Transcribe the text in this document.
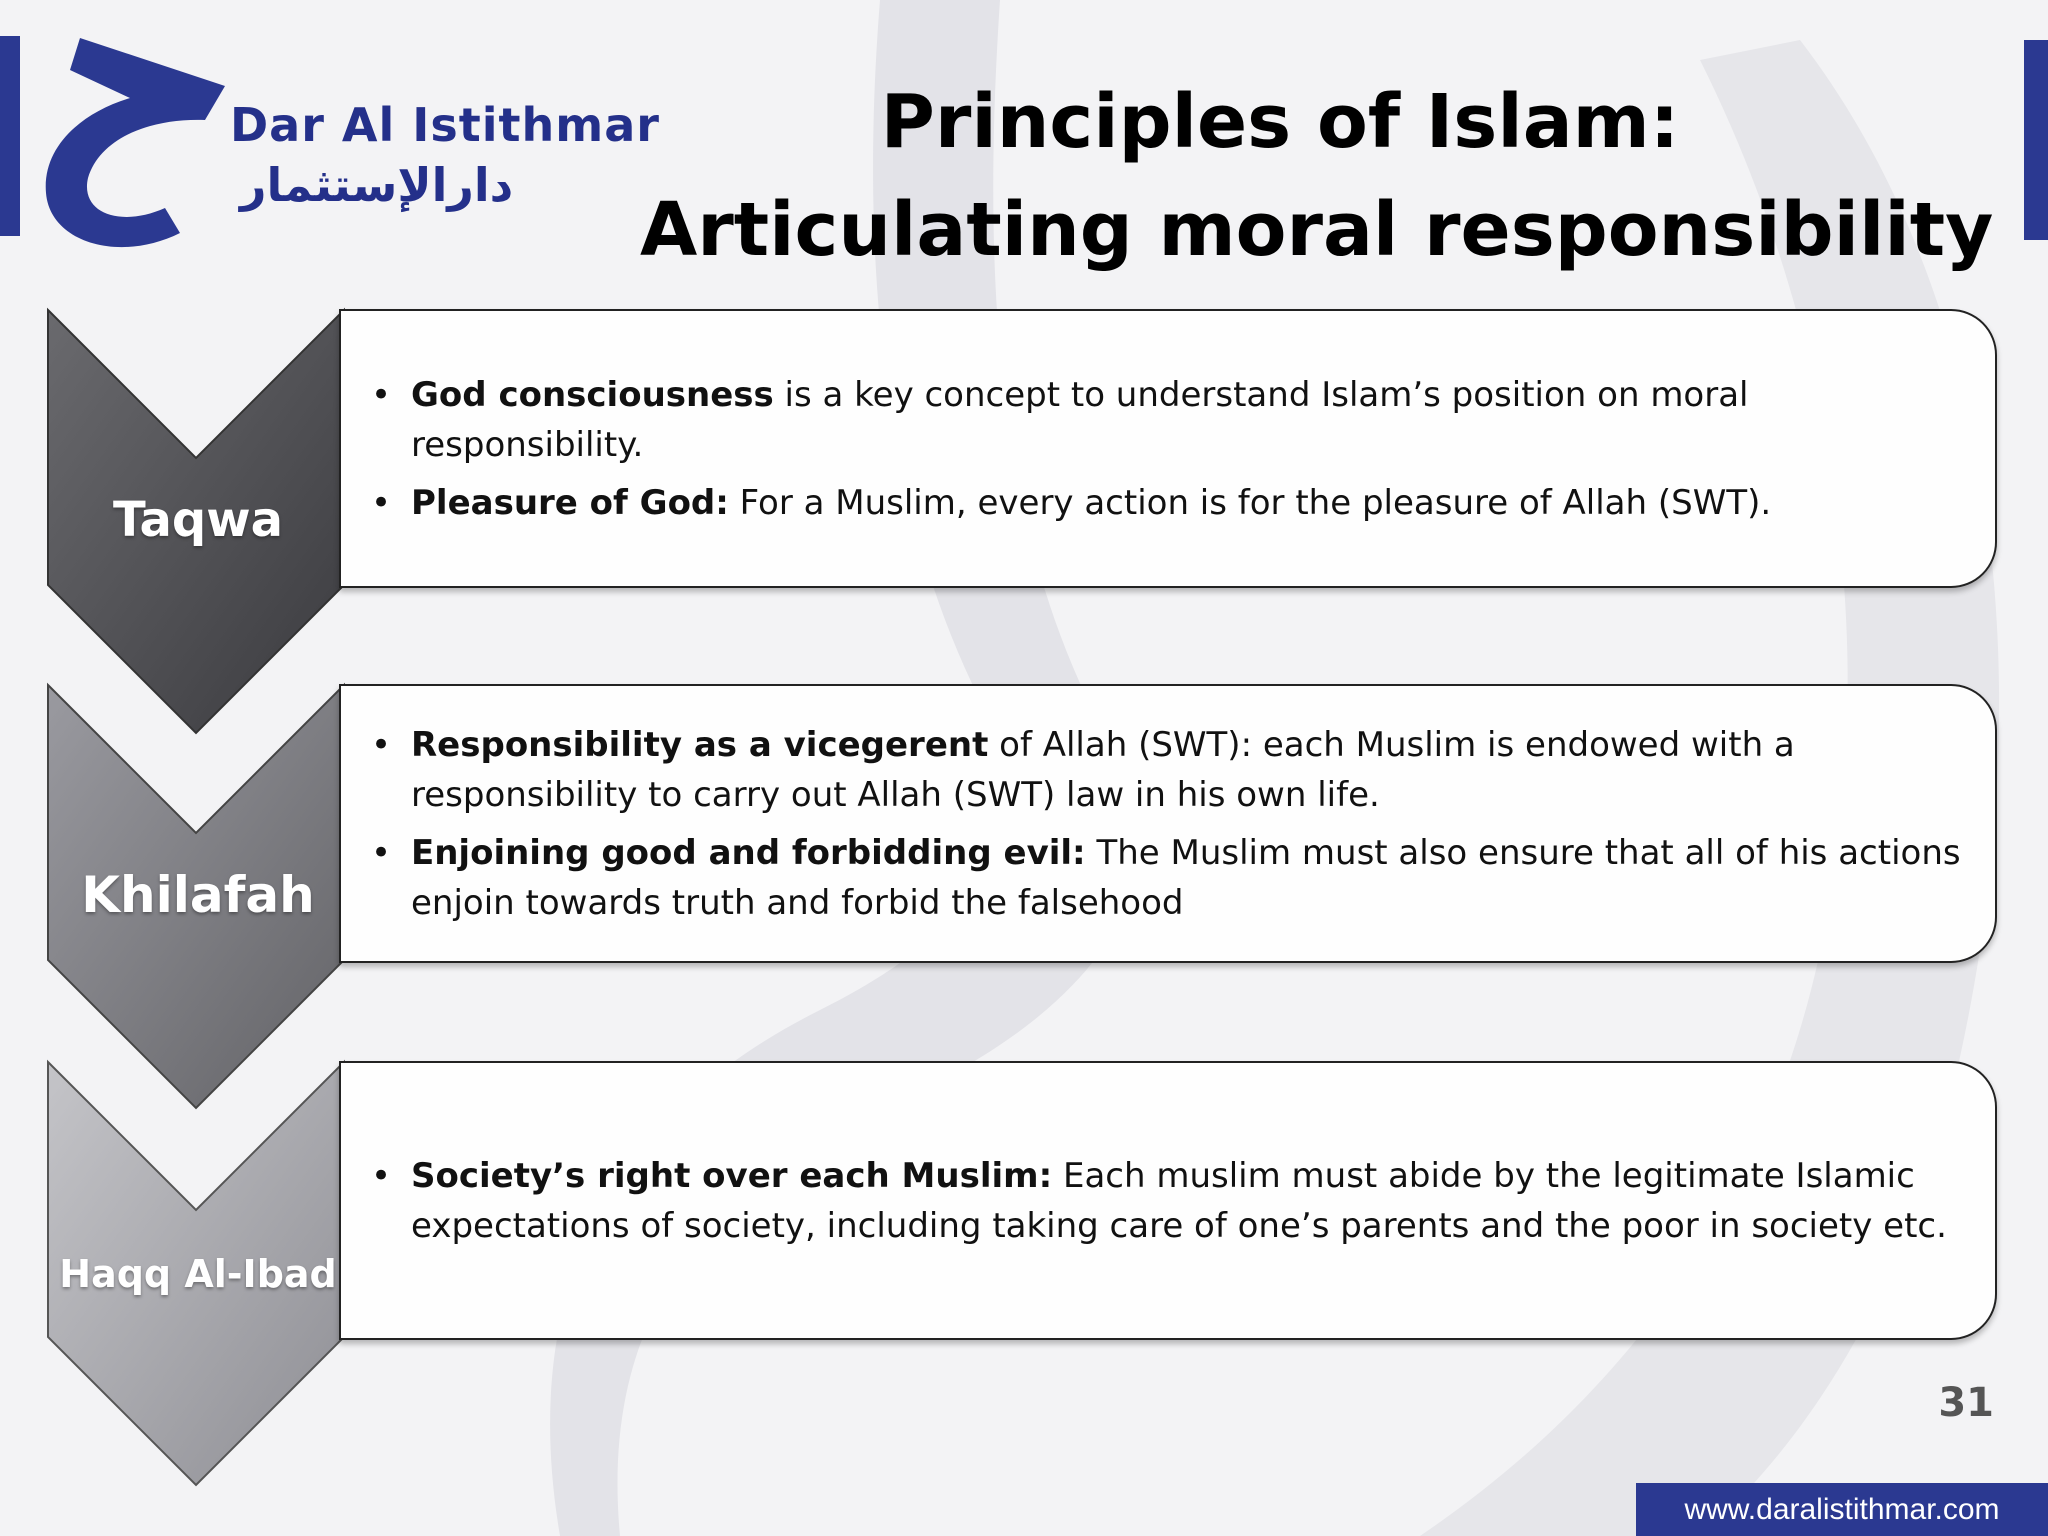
Dar Al Istithmar
دارالإستثمار
Principles of Islam:
Articulating moral responsibility
Taqwa
Khilafah
Haqq Al-Ibad
• God consciousness is a key concept to understand Islam’s position on moral responsibility.
• Pleasure of God: For a Muslim, every action is for the pleasure of Allah (SWT).
• Responsibility as a vicegerent of Allah (SWT): each Muslim is endowed with a responsibility to carry out Allah (SWT) law in his own life.
• Enjoining good and forbidding evil: The Muslim must also ensure that all of his actions enjoin towards truth and forbid the falsehood
• Society’s right over each Muslim: Each muslim must abide by the legitimate Islamic expectations of society, including taking care of one’s parents and the poor in society etc.
31
www.daralistithmar.com
